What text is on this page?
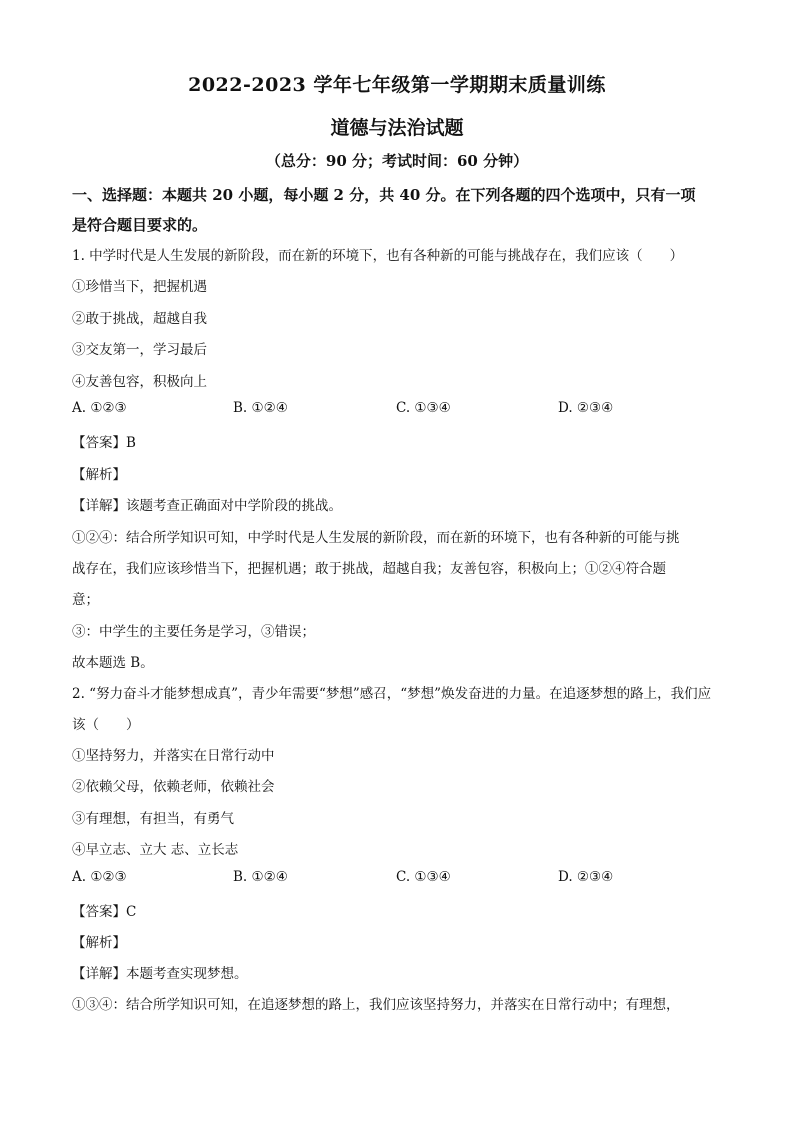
2022-2023 学年七年级第一学期期末质量训练
道德与法治试题
（总分：90 分；考试时间：60 分钟）
一、选择题：本题共 20 小题，每小题 2 分，共 40 分。在下列各题的四个选项中，只有一项
是符合题目要求的。
1. 中学时代是人生发展的新阶段，而在新的环境下，也有各种新的可能与挑战存在，我们应该（　　）
①珍惜当下，把握机遇
②敢于挑战，超越自我
③交友第一，学习最后
④友善包容，积极向上
A. ①②③	B. ①②④	C. ①③④	D. ②③④
【答案】B
【解析】
【详解】该题考查正确面对中学阶段的挑战。
①②④：结合所学知识可知，中学时代是人生发展的新阶段，而在新的环境下，也有各种新的可能与挑
战存在，我们应该珍惜当下，把握机遇；敢于挑战，超越自我；友善包容，积极向上；①②④符合题
意；
③：中学生的主要任务是学习，③错误；
故本题选 B。
2. “努力奋斗才能梦想成真”，青少年需要“梦想”感召，“梦想”焕发奋进的力量。在追逐梦想的路上，我们应
该（　　）
①坚持努力，并落实在日常行动中
②依赖父母，依赖老师，依赖社会
③有理想，有担当，有勇气
④早立志、立大 志、立长志
A. ①②③	B. ①②④	C. ①③④	D. ②③④
【答案】C
【解析】
【详解】本题考查实现梦想。
①③④：结合所学知识可知，在追逐梦想的路上，我们应该坚持努力，并落实在日常行动中；有理想，
